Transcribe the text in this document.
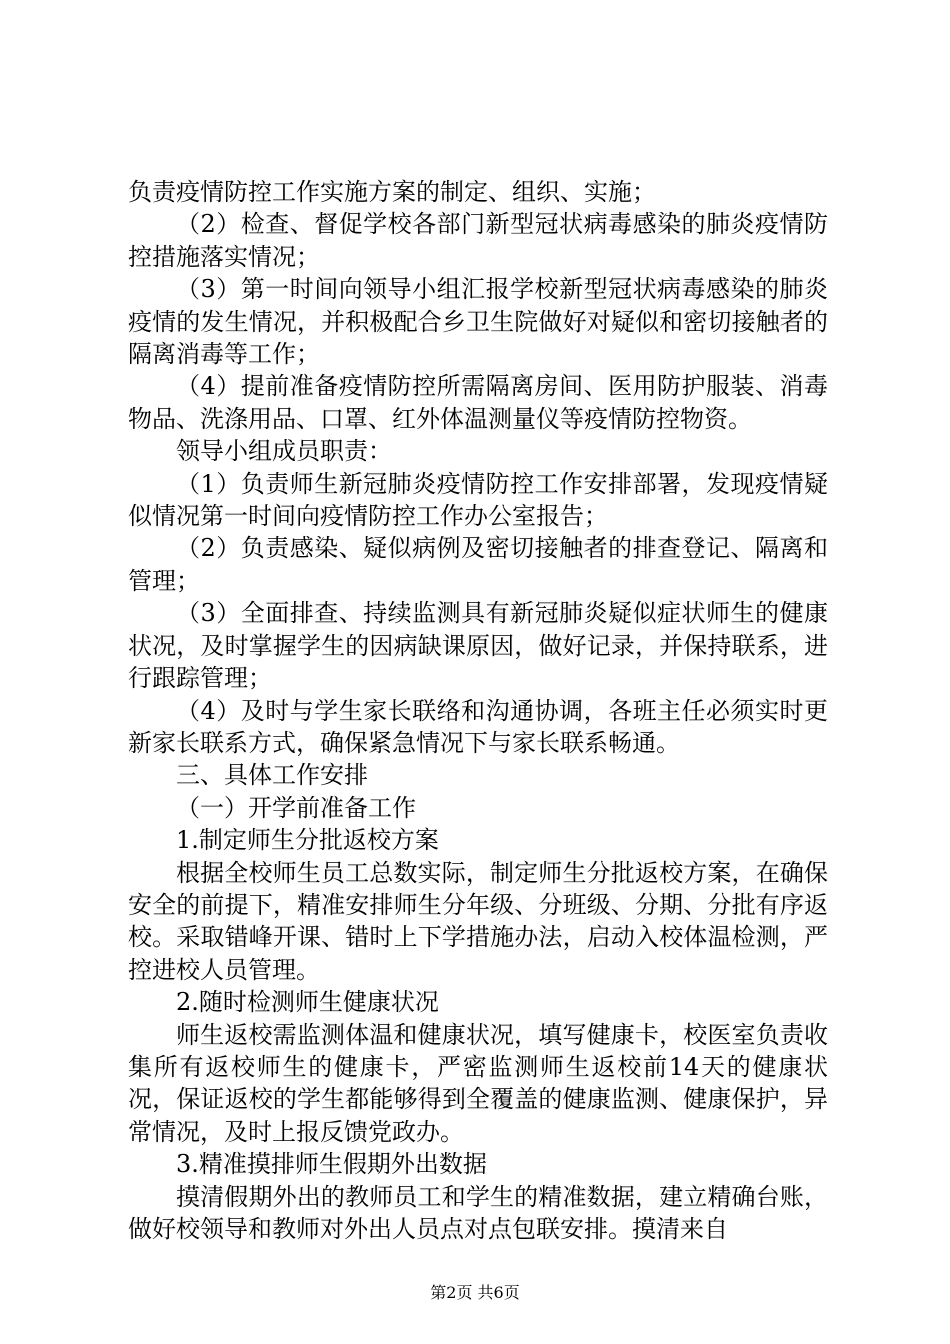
负责疫情防控工作实施方案的制定、组织、实施；

（2）检查、督促学校各部门新型冠状病毒感染的肺炎疫情防控措施落实情况；

（3）第一时间向领导小组汇报学校新型冠状病毒感染的肺炎疫情的发生情况，并积极配合乡卫生院做好对疑似和密切接触者的隔离消毒等工作；

（4）提前准备疫情防控所需隔离房间、医用防护服装、消毒物品、洗涤用品、口罩、红外体温测量仪等疫情防控物资。

领导小组成员职责：

（1）负责师生新冠肺炎疫情防控工作安排部署，发现疫情疑似情况第一时间向疫情防控工作办公室报告；

（2）负责感染、疑似病例及密切接触者的排查登记、隔离和管理；

（3）全面排查、持续监测具有新冠肺炎疑似症状师生的健康状况，及时掌握学生的因病缺课原因，做好记录，并保持联系，进行跟踪管理；

（4）及时与学生家长联络和沟通协调，各班主任必须实时更新家长联系方式，确保紧急情况下与家长联系畅通。

三、具体工作安排

（一）开学前准备工作

1.制定师生分批返校方案

根据全校师生员工总数实际，制定师生分批返校方案，在确保安全的前提下，精准安排师生分年级、分班级、分期、分批有序返校。采取错峰开课、错时上下学措施办法，启动入校体温检测，严控进校人员管理。

2.随时检测师生健康状况

师生返校需监测体温和健康状况，填写健康卡，校医室负责收集所有返校师生的健康卡，严密监测师生返校前14天的健康状况，保证返校的学生都能够得到全覆盖的健康监测、健康保护，异常情况，及时上报反馈党政办。

3.精准摸排师生假期外出数据

摸清假期外出的教师员工和学生的精准数据，建立精确台账，做好校领导和教师对外出人员点对点包联安排。摸清来自

第2页 共6页
